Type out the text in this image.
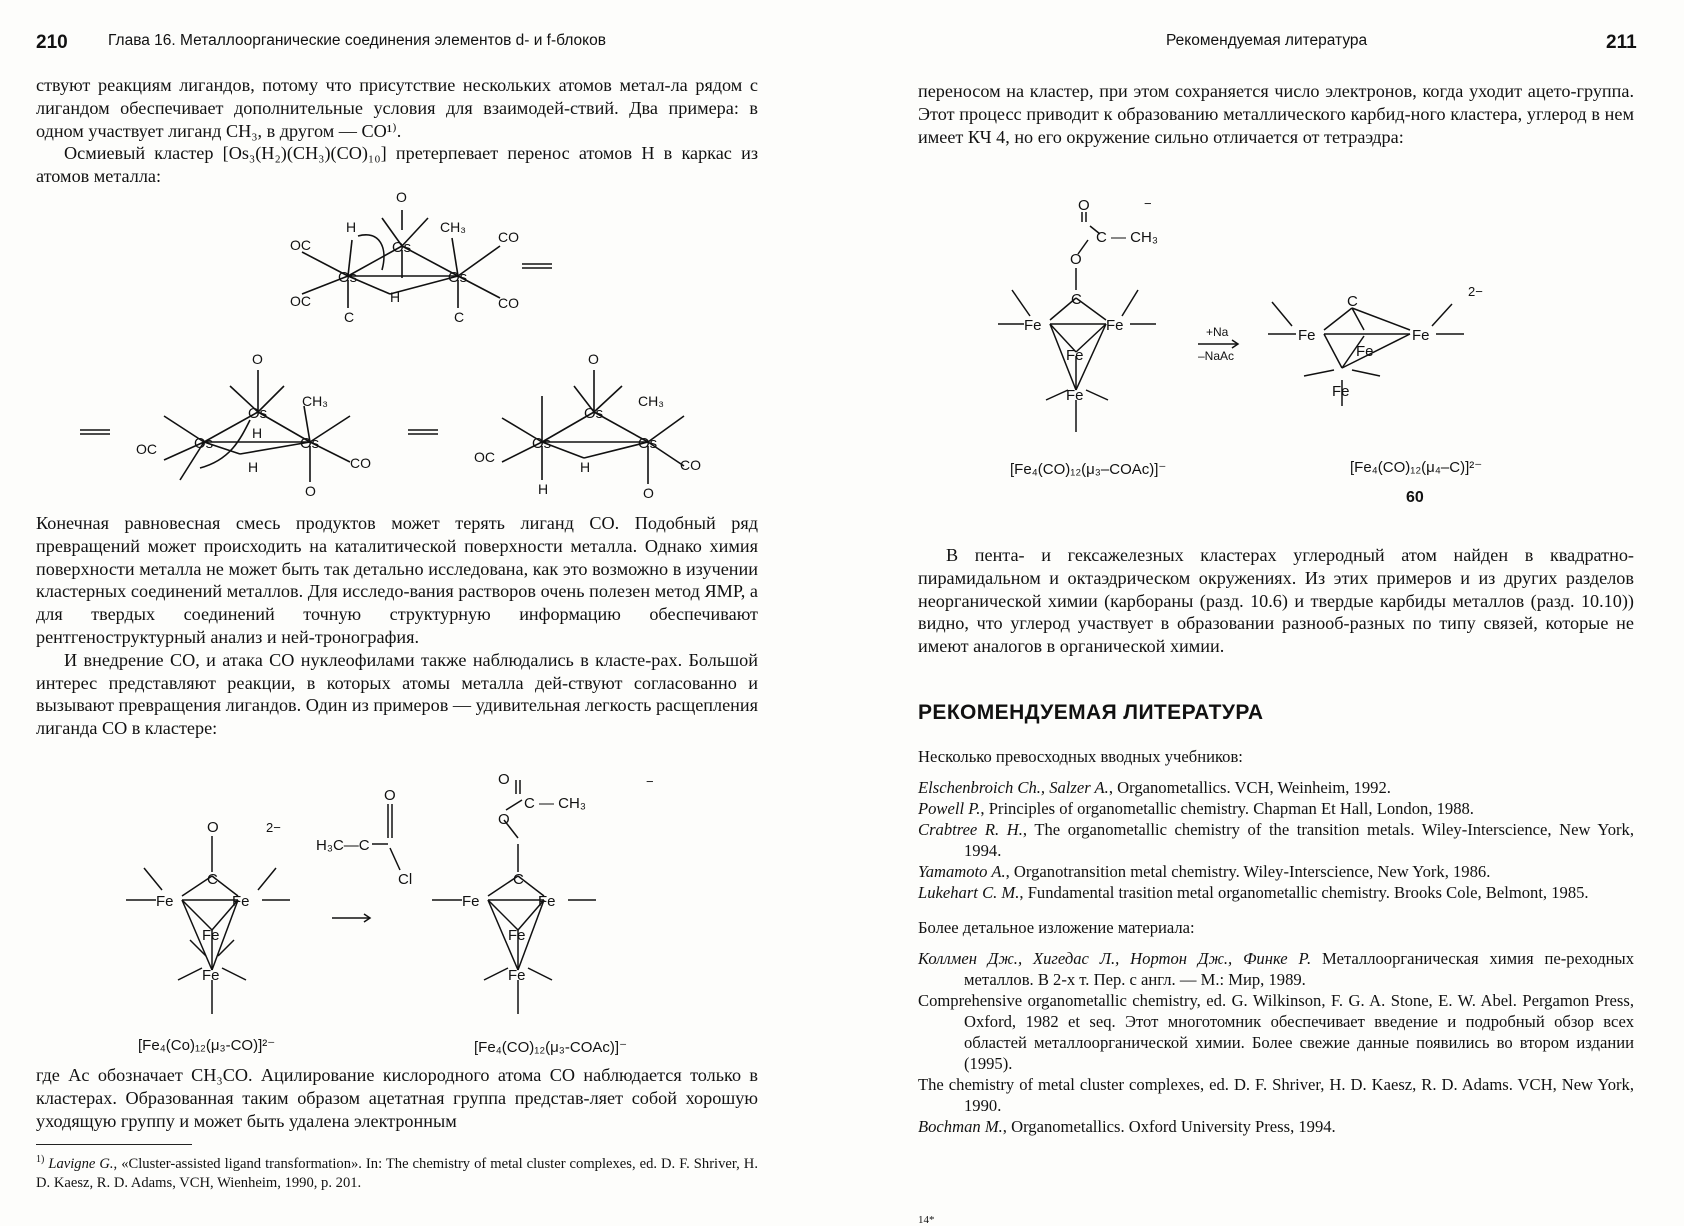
210	Глава 16. Металлоорганические соединения элементов d- и f-блоков

ствуют реакциям лигандов, потому что присутствие нескольких атомов метал-ла рядом с лигандом обеспечивает дополнительные условия для взаимодей-ствий. Два примера: в одном участвует лиганд CH₃, в другом — CO¹⁾.

Осмиевый кластер [Os₃(H₂)(CH₃)(CO)₁₀] претерпевает перенос атомов H в каркас из атомов металла:

Os
Os
Os
H
H
CH₃
OC
OC
CO
CO
O
C	C
Os
Os
Os
H
H
CH₃
OC
CO
O
O
Os
Os
Os
H
H
CH₃
OC	CO
O
O

Конечная равновесная смесь продуктов может терять лиганд CO. Подобный ряд превращений может происходить на каталитической поверхности металла. Однако химия поверхности металла не может быть так детально исследована, как это возможно в изучении кластерных соединений металлов. Для исследо-вания растворов очень полезен метод ЯМР, а для твердых соединений точную структурную информацию обеспечивают рентгеноструктурный анализ и ней-тронография.

И внедрение CO, и атака CO нуклеофилами также наблюдались в класте-рах. Большой интерес представляют реакции, в которых атомы металла дей-ствуют согласованно и вызывают превращения лигандов. Один из примеров — удивительная легкость расщепления лиганда CO в кластере:

O
C
Fe	Fe
Fe
Fe
2−
H₃C—C
O
Cl
O
C — CH₃
O
C
Fe	Fe
Fe
Fe
−
[Fe₄(Co)₁₂(μ₃-CO)]²⁻	[Fe₄(CO)₁₂(μ₃-COAc)]⁻

где Ac обозначает CH₃CO. Ацилирование кислородного атома CO наблюдается только в кластерах. Образованная таким образом ацетатная группа представ-ляет собой хорошую уходящую группу и может быть удалена электронным

$^{1)}$ Lavigne G., «Cluster-assisted ligand transformation». In: The chemistry of metal cluster complexes, ed. D. F. Shriver, H. D. Kaesz, R. D. Adams, VCH, Wienheim, 1990, p. 201.
Рекомендуемая литература	211

переносом на кластер, при этом сохраняется число электронов, когда уходит ацето-группа. Этот процесс приводит к образованию металлического карбид-ного кластера, углерод в нем имеет КЧ 4, но его окружение сильно отличается от тетраэдра:

O
C — CH₃
O
C
Fe	Fe
Fe
Fe
−
+Na
–NaAc
C
Fe
Fe
Fe
Fe
2−
[Fe₄(CO)₁₂(μ₃–COAc)]⁻	[Fe₄(CO)₁₂(μ₄–C)]²⁻
60

В пента- и гексажелезных кластерах углеродный атом найден в квадратно-пирамидальном и октаэдрическом окружениях. Из этих примеров и из других разделов неорганической химии (карбораны (разд. 10.6) и твердые карбиды металлов (разд. 10.10)) видно, что углерод участвует в образовании разнооб-разных по типу связей, которые не имеют аналогов в органической химии.

РЕКОМЕНДУЕМАЯ ЛИТЕРАТУРА

Несколько превосходных вводных учебников:

Elschenbroich Ch., Salzer A., Organometallics. VCH, Weinheim, 1992.

Powell P., Principles of organometallic chemistry. Chapman Et Hall, London, 1988.

Crabtree R. H., The organometallic chemistry of the transition metals. Wiley-Interscience, New York, 1994.

Yamamoto A., Organotransition metal chemistry. Wiley-Interscience, New York, 1986.

Lukehart C. M., Fundamental trasition metal organometallic chemistry. Brooks Cole, Belmont, 1985.

Более детальное изложение материала:

Коллмен Дж., Хигедас Л., Нортон Дж., Финке Р. Металлоорганическая химия пе-реходных металлов. В 2-х т. Пер. с англ. — М.: Мир, 1989.

Comprehensive organometallic chemistry, ed. G. Wilkinson, F. G. A. Stone, E. W. Abel. Pergamon Press, Oxford, 1982 et seq. Этот многотомник обеспечивает введение и подробный обзор всех областей металлоорганической химии. Более свежие данные появились во втором издании (1995).

The chemistry of metal cluster complexes, ed. D. F. Shriver, H. D. Kaesz, R. D. Adams. VCH, New York, 1990.

Bochman M., Organometallics. Oxford University Press, 1994.

14*
